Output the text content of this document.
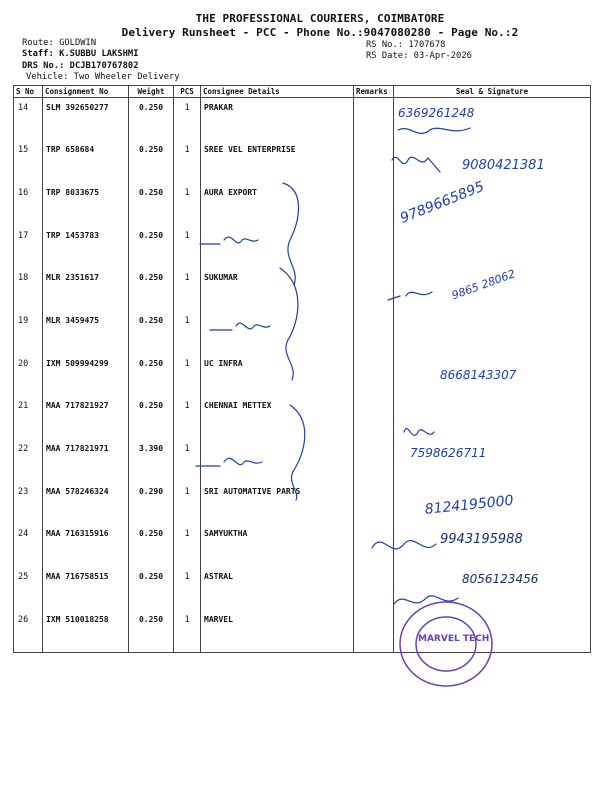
THE PROFESSIONAL COURIERS, COIMBATORE
Delivery Runsheet - PCC - Phone No.:9047080280 - Page No.:2
Route: GOLDWIN
Staff: K.SUBBU LAKSHMI
DRS No.: DCJB170767802
Vehicle: Two Wheeler Delivery
RS No.: 1707678
RS Date: 03-Apr-2026
S No	Consignment No	Weight	PCS	Consignee Details	Remarks	Seal & Signature
14	SLM 392650277	0.250	1	PRAKAR		
15	TRP 658684	0.250	1	SREE VEL ENTERPRISE		
16	TRP 8033675	0.250	1	AURA EXPORT		
17	TRP 1453783	0.250	1			
18	MLR 2351617	0.250	1	SUKUMAR		
19	MLR 3459475	0.250	1			
20	IXM 509994299	0.250	1	UC INFRA		
21	MAA 717821927	0.250	1	CHENNAI METTEX		
22	MAA 717821971	3.390	1			
23	MAA 578246324	0.290	1	SRI AUTOMATIVE PARTS		
24	MAA 716315916	0.250	1	SAMYUKTHA		
25	MAA 716758515	0.250	1	ASTRAL		
26	IXM 510018258	0.250	1	MARVEL		
6369261248
9080421381
9789665895
9865 28062
8668143307
7598626711
8124195000
9943195988
8056123456
MARVEL TECH
